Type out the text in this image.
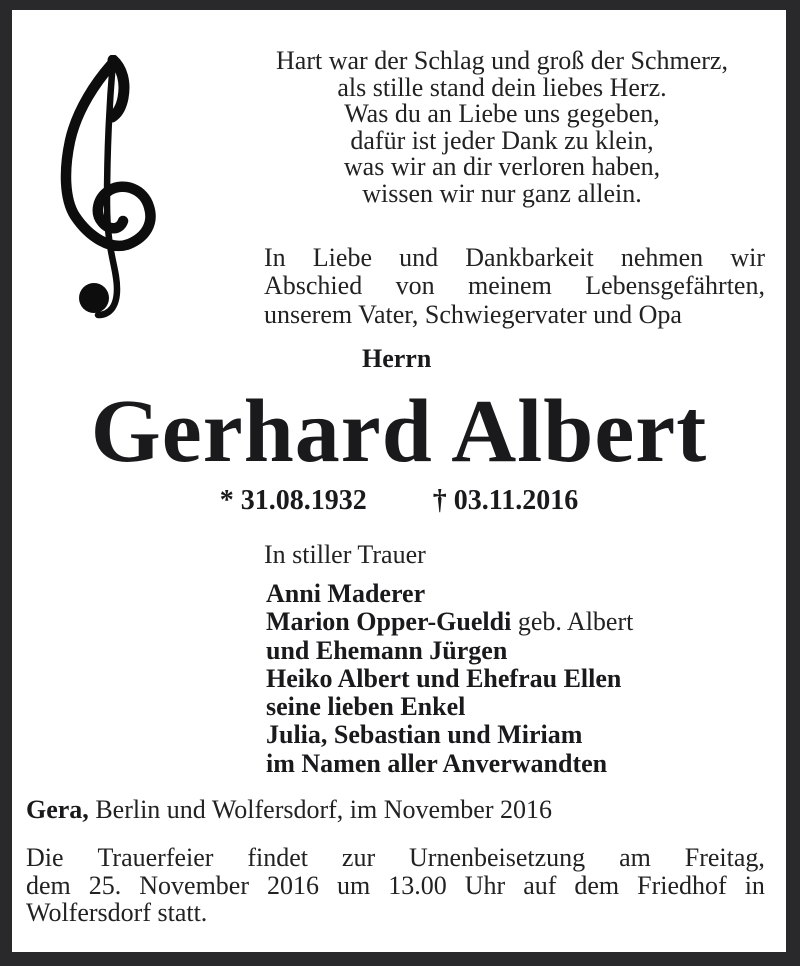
Hart war der Schlag und groß der Schmerz,
als stille stand dein liebes Herz.
Was du an Liebe uns gegeben,
dafür ist jeder Dank zu klein,
was wir an dir verloren haben,
wissen wir nur ganz allein.
In Liebe und Dankbarkeit nehmen wir
Abschied von meinem Lebensgefährten,
unserem Vater, Schwiegervater und Opa
Herrn
Gerhard Albert
* 31.08.1932 † 03.11.2016
In stiller Trauer
Anni Maderer
Marion Opper-Gueldi geb. Albert
und Ehemann Jürgen
Heiko Albert und Ehefrau Ellen
seine lieben Enkel
Julia, Sebastian und Miriam
im Namen aller Anverwandten
Gera, Berlin und Wolfersdorf, im November 2016
Die Trauerfeier findet zur Urnenbeisetzung am Freitag,
dem 25. November 2016 um 13.00 Uhr auf dem Friedhof in
Wolfersdorf statt.
